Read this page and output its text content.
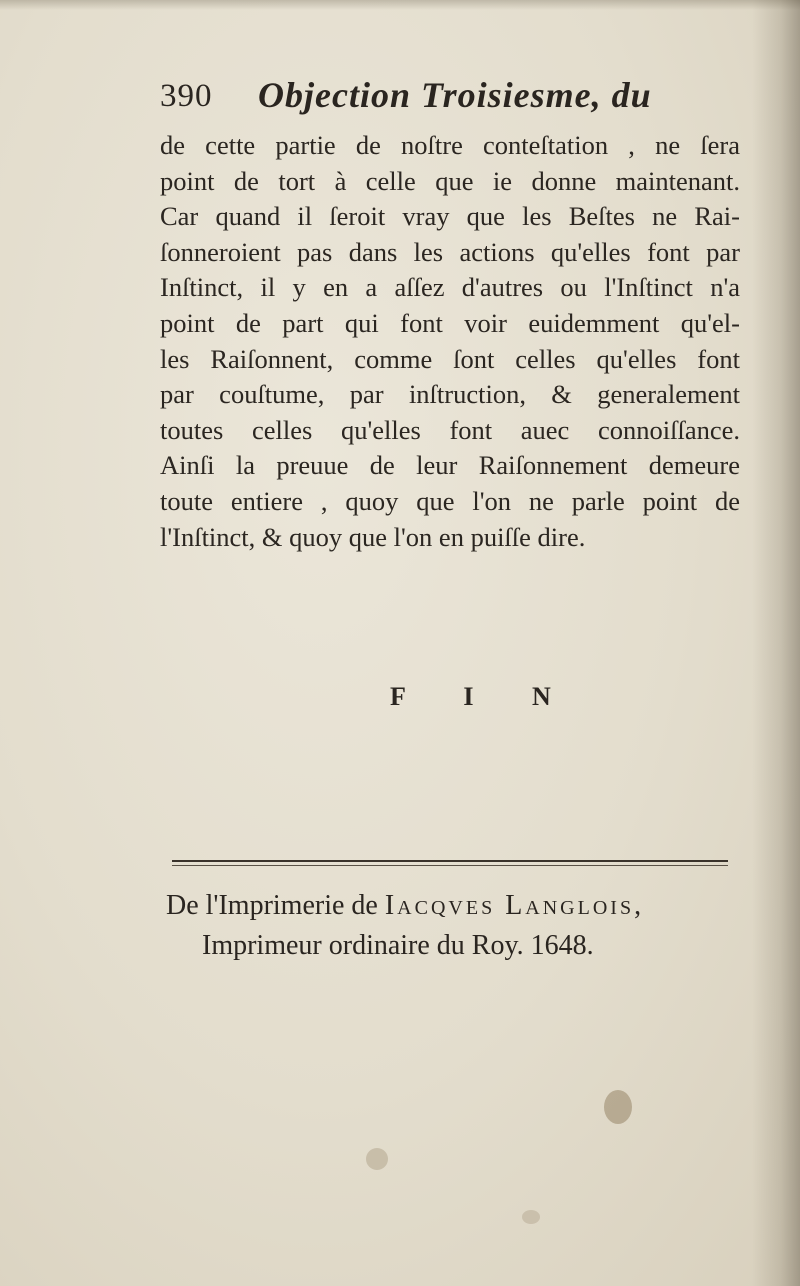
390 Objection Troisiesme, du
de cette partie de noſtre conteſtation , ne ſera
point de tort à celle que ie donne maintenant.
Car quand il ſeroit vray que les Beſtes ne Rai-
ſonneroient pas dans les actions qu'elles font par
Inſtinct, il y en a aſſez d'autres ou l'Inſtinct n'a
point de part qui font voir euidemment qu'el-
les Raiſonnent, comme ſont celles qu'elles font
par couſtume, par inſtruction, & generalement
toutes celles qu'elles font auec connoiſſance.
Ainſi la preuue de leur Raiſonnement demeure
toute entiere , quoy que l'on ne parle point de
l'Inſtinct, & quoy que l'on en puiſſe dire.
F I N
De l'Imprimerie de Iacqves Langlois,
Imprimeur ordinaire du Roy. 1648.
